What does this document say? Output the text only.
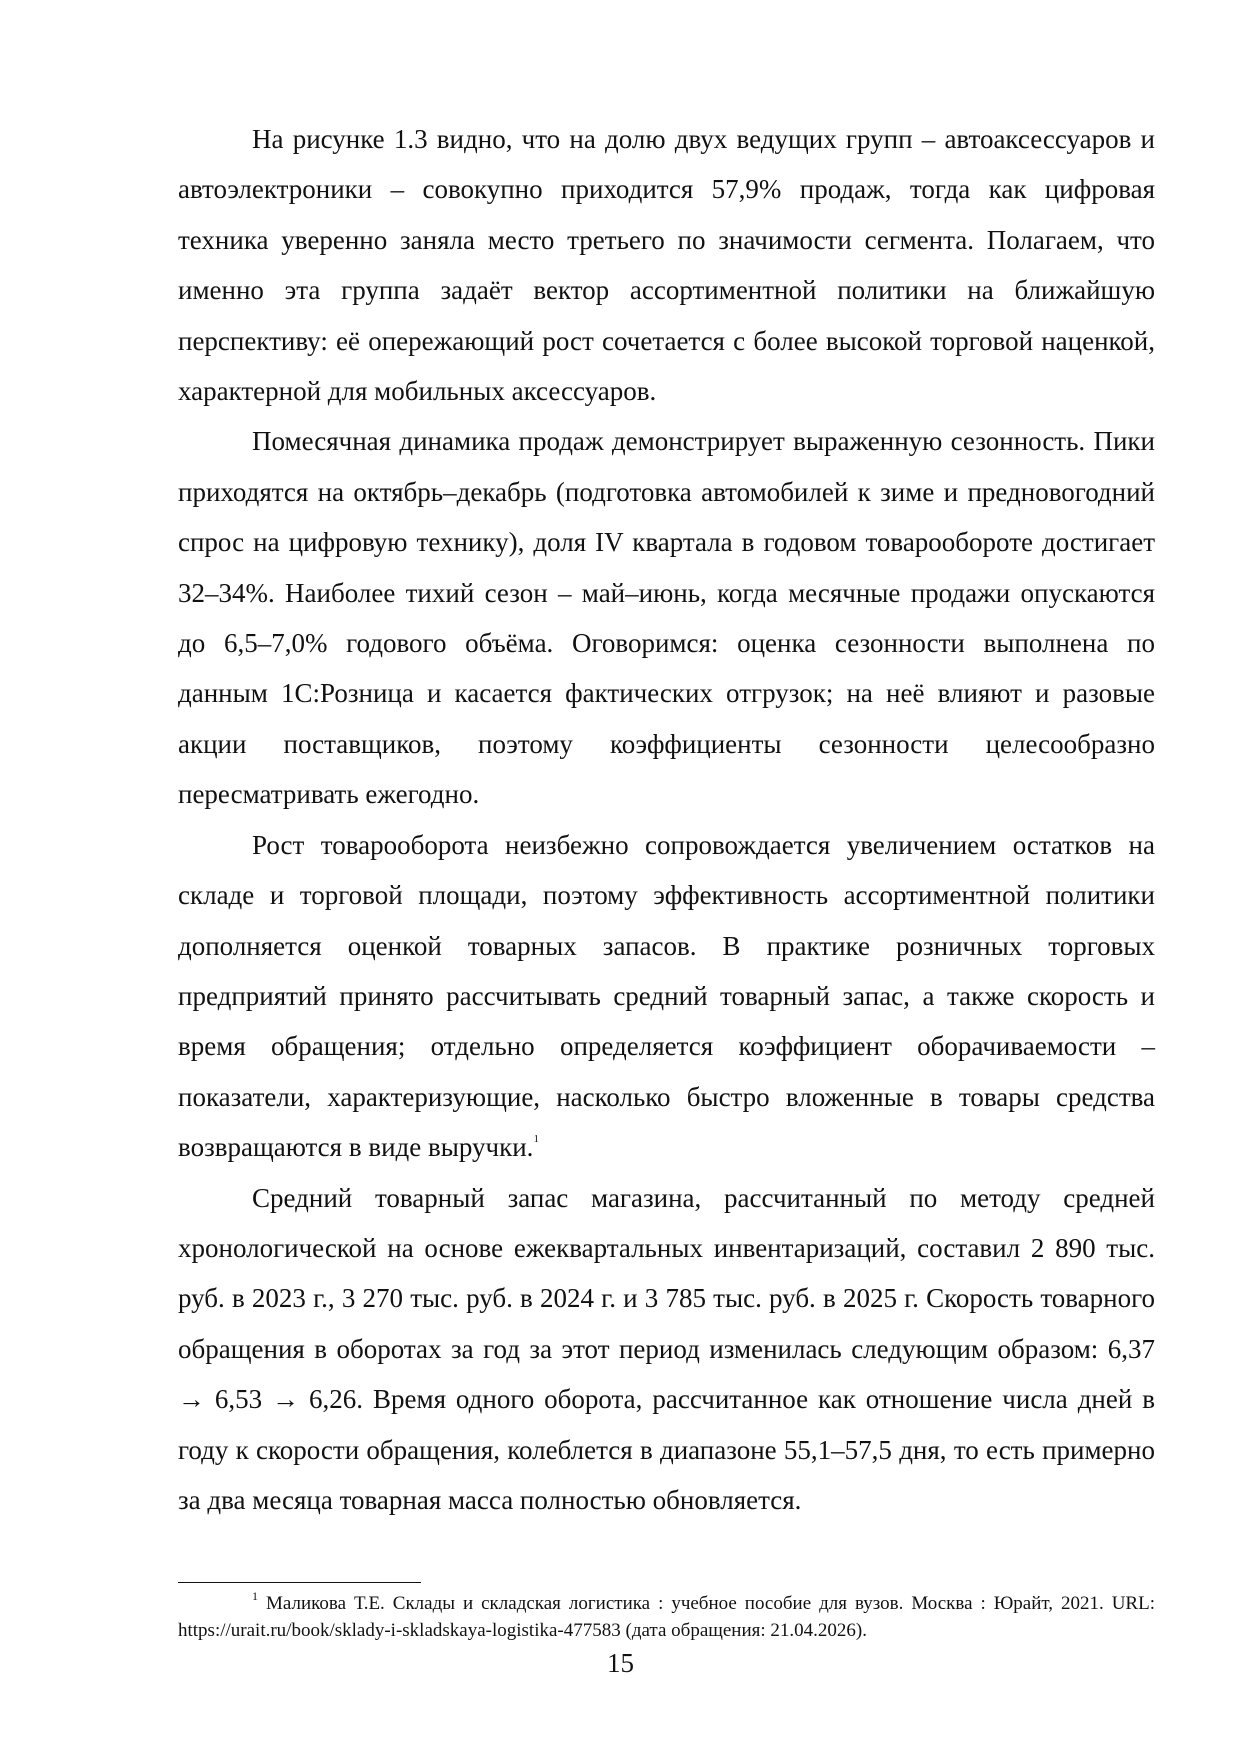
На рисунке 1.3 видно, что на долю двух ведущих групп – автоаксессуаров и автоэлектроники – совокупно приходится 57,9% продаж, тогда как цифровая техника уверенно заняла место третьего по значимости сегмента. Полагаем, что именно эта группа задаёт вектор ассортиментной политики на ближайшую перспективу: её опережающий рост сочетается с более высокой торговой наценкой, характерной для мобильных аксессуаров.

Помесячная динамика продаж демонстрирует выраженную сезонность. Пики приходятся на октябрь–декабрь (подготовка автомобилей к зиме и предновогодний спрос на цифровую технику), доля IV квартала в годовом товарообороте достигает 32–34%. Наиболее тихий сезон – май–июнь, когда месячные продажи опускаются до 6,5–7,0% годового объёма. Оговоримся: оценка сезонности выполнена по данным 1С:Розница и касается фактических отгрузок; на неё влияют и разовые акции поставщиков, поэтому коэффициенты сезонности целесообразно пересматривать ежегодно.

Рост товарооборота неизбежно сопровождается увеличением остатков на складе и торговой площади, поэтому эффективность ассортиментной политики дополняется оценкой товарных запасов. В практике розничных торговых предприятий принято рассчитывать средний товарный запас, а также скорость и время обращения; отдельно определяется коэффициент оборачиваемости – показатели, характеризующие, насколько быстро вложенные в товары средства возвращаются в виде выручки.$^1$

Средний товарный запас магазина, рассчитанный по методу средней хронологической на основе ежеквартальных инвентаризаций, составил 2 890 тыс. руб. в 2023 г., 3 270 тыс. руб. в 2024 г. и 3 785 тыс. руб. в 2025 г. Скорость товарного обращения в оборотах за год за этот период изменилась следующим образом: 6,37 → 6,53 → 6,26. Время одного оборота, рассчитанное как отношение числа дней в году к скорости обращения, колеблется в диапазоне 55,1–57,5 дня, то есть примерно за два месяца товарная масса полностью обновляется.

$^1$ Маликова Т.Е. Склады и складская логистика : учебное пособие для вузов. Москва : Юрайт, 2021. URL: https://urait.ru/book/sklady-i-skladskaya-logistika-477583 (дата обращения: 21.04.2026).

15
